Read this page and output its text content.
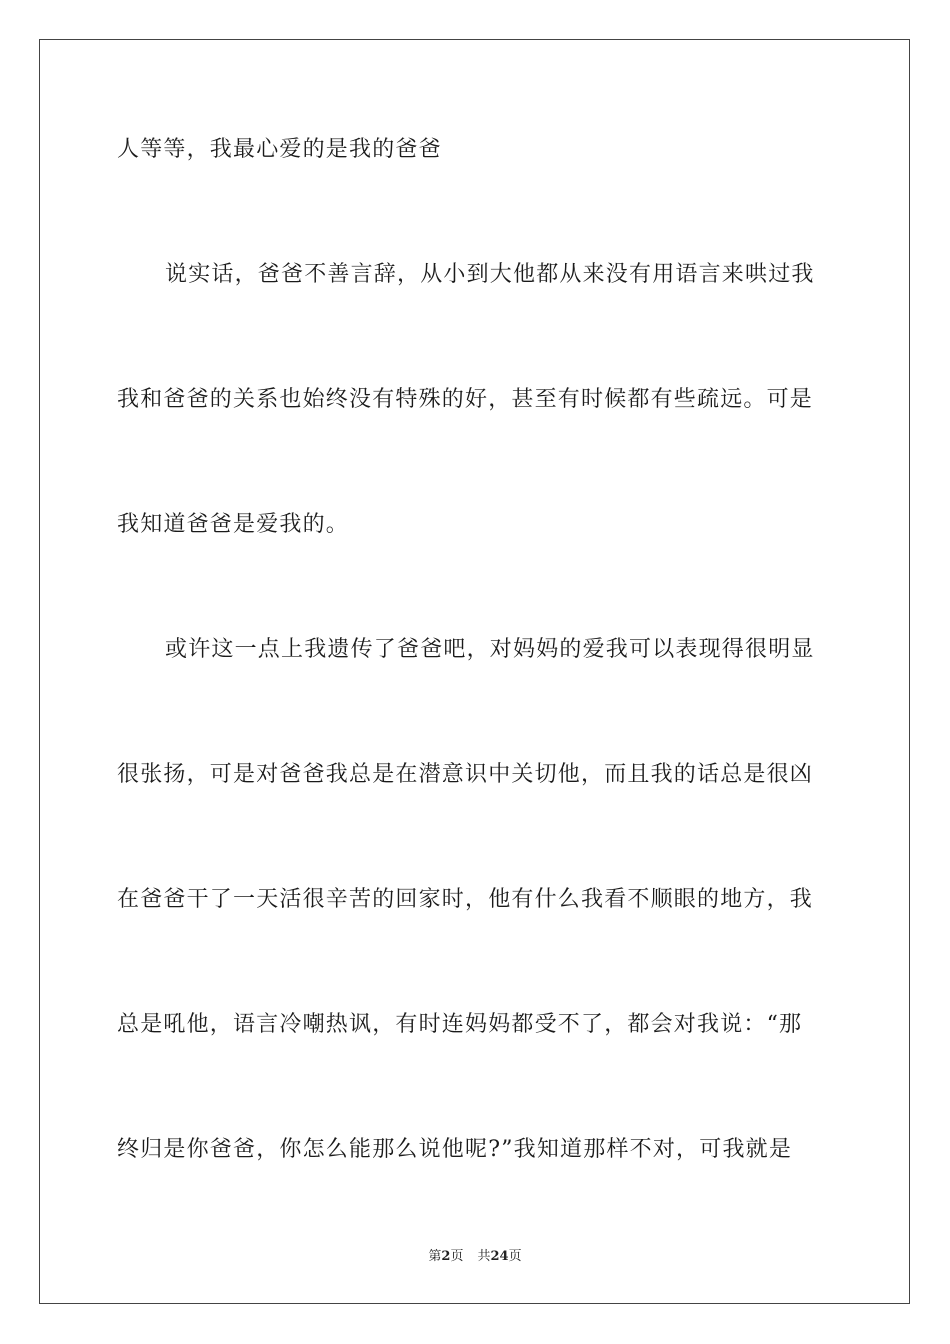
人等等，我最心爱的是我的爸爸
说实话，爸爸不善言辞，从小到大他都从来没有用语言来哄过我
我和爸爸的关系也始终没有特殊的好，甚至有时候都有些疏远。可是
我知道爸爸是爱我的。
或许这一点上我遗传了爸爸吧，对妈妈的爱我可以表现得很明显
很张扬，可是对爸爸我总是在潜意识中关切他，而且我的话总是很凶
在爸爸干了一天活很辛苦的回家时，他有什么我看不顺眼的地方，我
总是吼他，语言冷嘲热讽，有时连妈妈都受不了，都会对我说：“那
终归是你爸爸，你怎么能那么说他呢?”我知道那样不对，可我就是
第2页 共24页
